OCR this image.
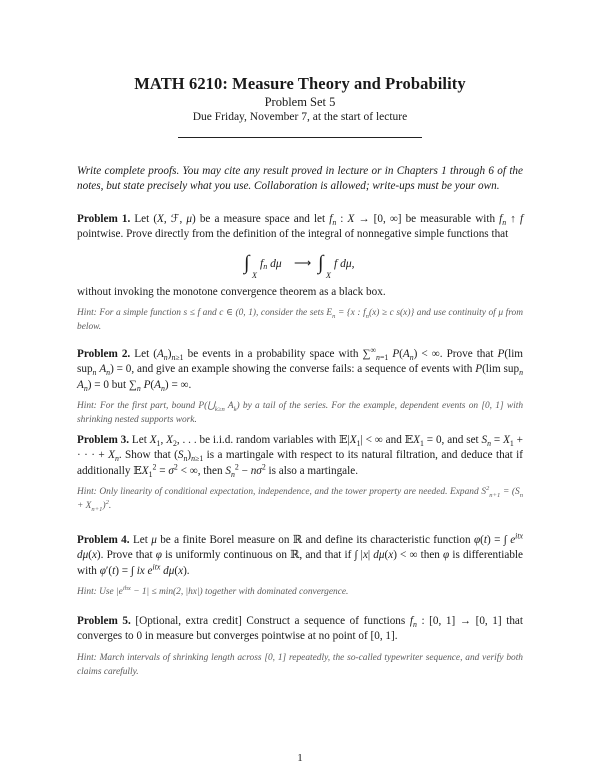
MATH 6210: Measure Theory and Probability
Problem Set 5
Due Friday, November 7, at the start of lecture
Write complete proofs. You may cite any result proved in lecture or in Chapters 1 through 6 of the notes, but state precisely what you use. Collaboration is allowed; write-ups must be your own.
Problem 1. Let (X, ℱ, μ) be a measure space and let $f_n$ : X → [0, ∞] be measurable with $f_n$ ↑ f pointwise. Prove directly from the definition of the integral of nonnegative simple functions that
∫
X
fn dμ ⟶ ∫
X
f dμ,
without invoking the monotone convergence theorem as a black box.
Hint: For a simple function s ≤ f and c ∈ (0, 1), consider the sets $E_n = \{x$ : $f_n(x) \ge c$ s(x)} and use continuity of μ from below.
Problem 2. Let $(A_n)_{n\ge 1}$ be events in a probability space with $\sum^\infty_{n=1}$ $P(A_n)$ < ∞. Prove that P(lim sup$_n$ $A_n) = 0$, and give an example showing the converse fails: a sequence of events with P(lim sup$_n$ $A_n) = 0$ but $\sum_n$ $P(A_n)$ = ∞.
Hint: For the first part, bound $P(⋃_{k\ge n}$ $A_k$) by a tail of the series. For the example, dependent events on [0, 1] with shrinking nested supports work.
Problem 3. Let $X_1$, $X_2$, . . . be i.i.d. random variables with $𝔼|X_1|$ < ∞ and 𝔼X$_1$ = 0, and set $S_n = X_1$ + · · · + $X_n$. Show that $(S_n)_{n\ge 1}$ is a martingale with respect to its natural filtration, and deduce that if additionally 𝔼X$_1^2$ = $\sigma^2$ < ∞, then $S_n^2 - n\sigma^2$ is also a martingale.
Hint: Only linearity of conditional expectation, independence, and the tower property are needed. Expand $S^2_{n+1} = (S_n + X_{n+1})^2$.
Problem 4. Let μ be a finite Borel measure on ℝ and define its characteristic function φ(t) = ∫ $e^{itx}$ dμ(x). Prove that φ is uniformly continuous on ℝ, and that if ∫ |x| dμ(x) < ∞ then φ is differentiable with φ′(t) = ∫ ix $e^{itx}$ dμ(x).
Hint: Use $|e^{ihx} - 1| \le \min(2$, |hx|) together with dominated convergence.
Problem 5. [Optional, extra credit] Construct a sequence of functions $f_n$ : [0, 1] → [0, 1] that converges to 0 in measure but converges pointwise at no point of [0, 1].
Hint: March intervals of shrinking length across [0, 1] repeatedly, the so-called typewriter sequence, and verify both claims carefully.
1
